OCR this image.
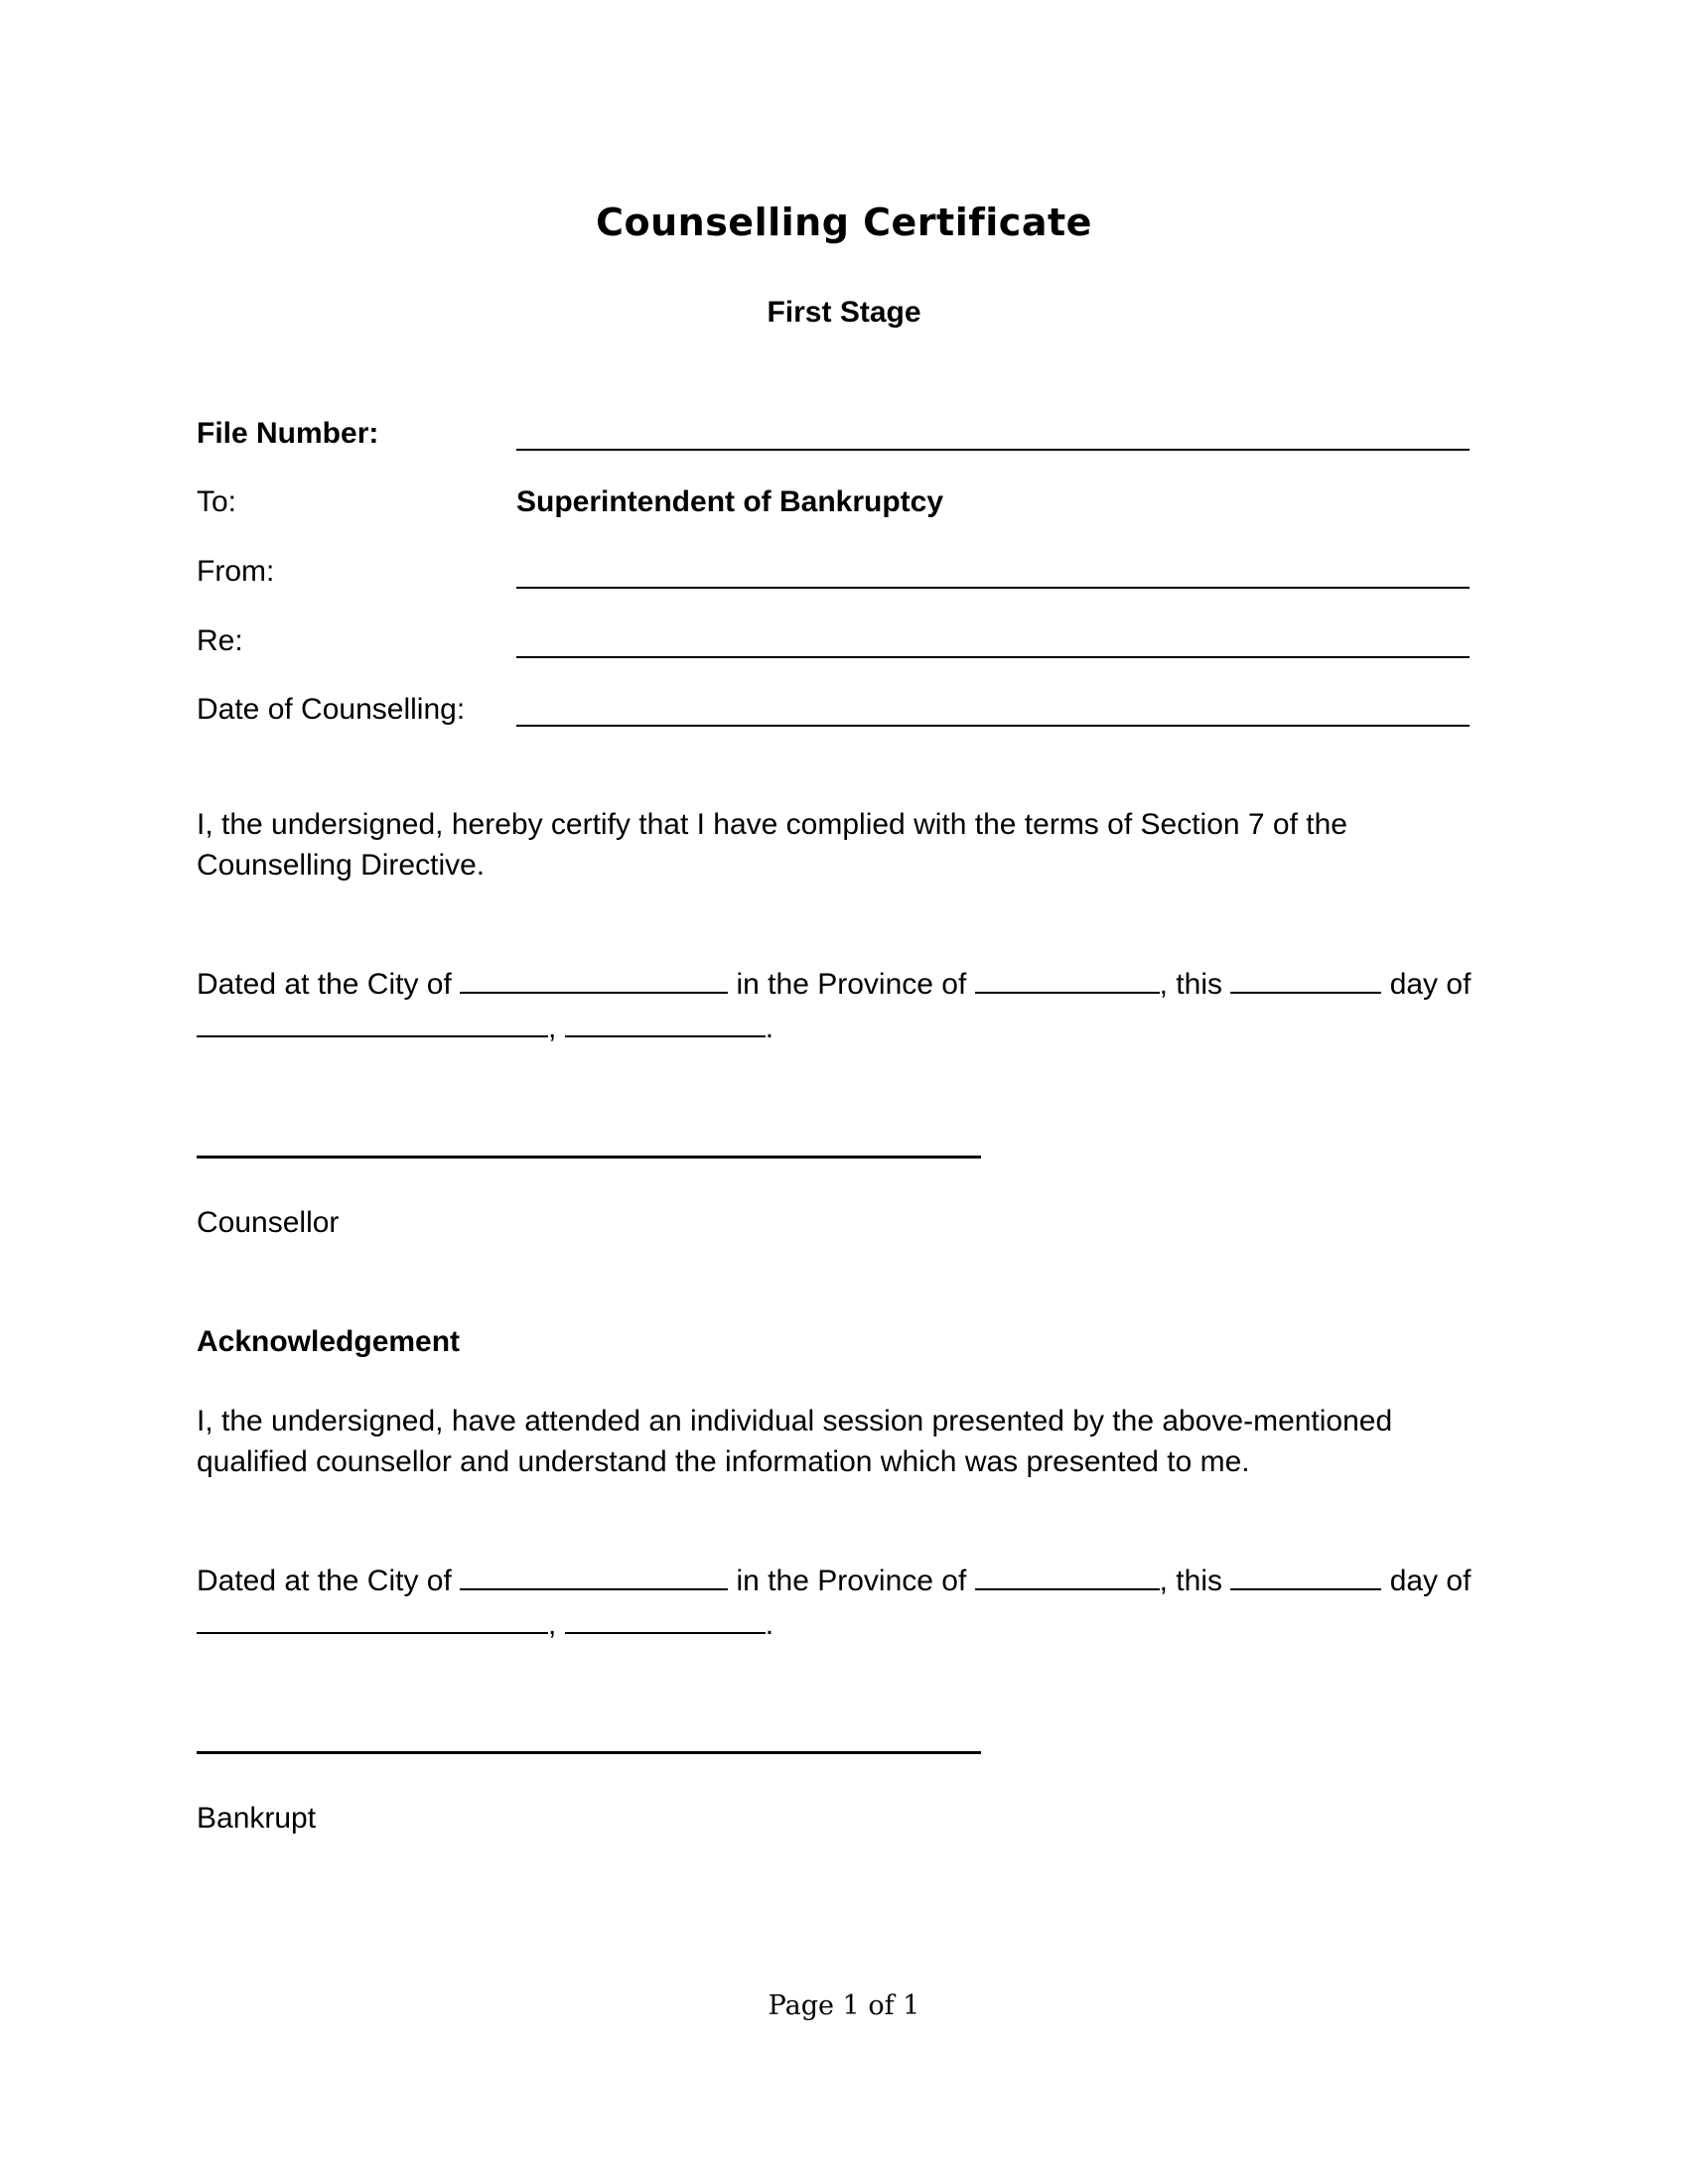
Counselling Certificate
First Stage
File Number:
To:	Superintendent of Bankruptcy
From:
Re:
Date of Counselling:
I, the undersigned, hereby certify that I have complied with the terms of Section 7 of the Counselling Directive.
Dated at the City of	in the Province of	, this	day of
,	.
Counsellor
Acknowledgement
I, the undersigned, have attended an individual session presented by the above-mentioned qualified counsellor and understand the information which was presented to me.
Dated at the City of	in the Province of	, this	day of
,	.
Bankrupt
Page 1 of 1
